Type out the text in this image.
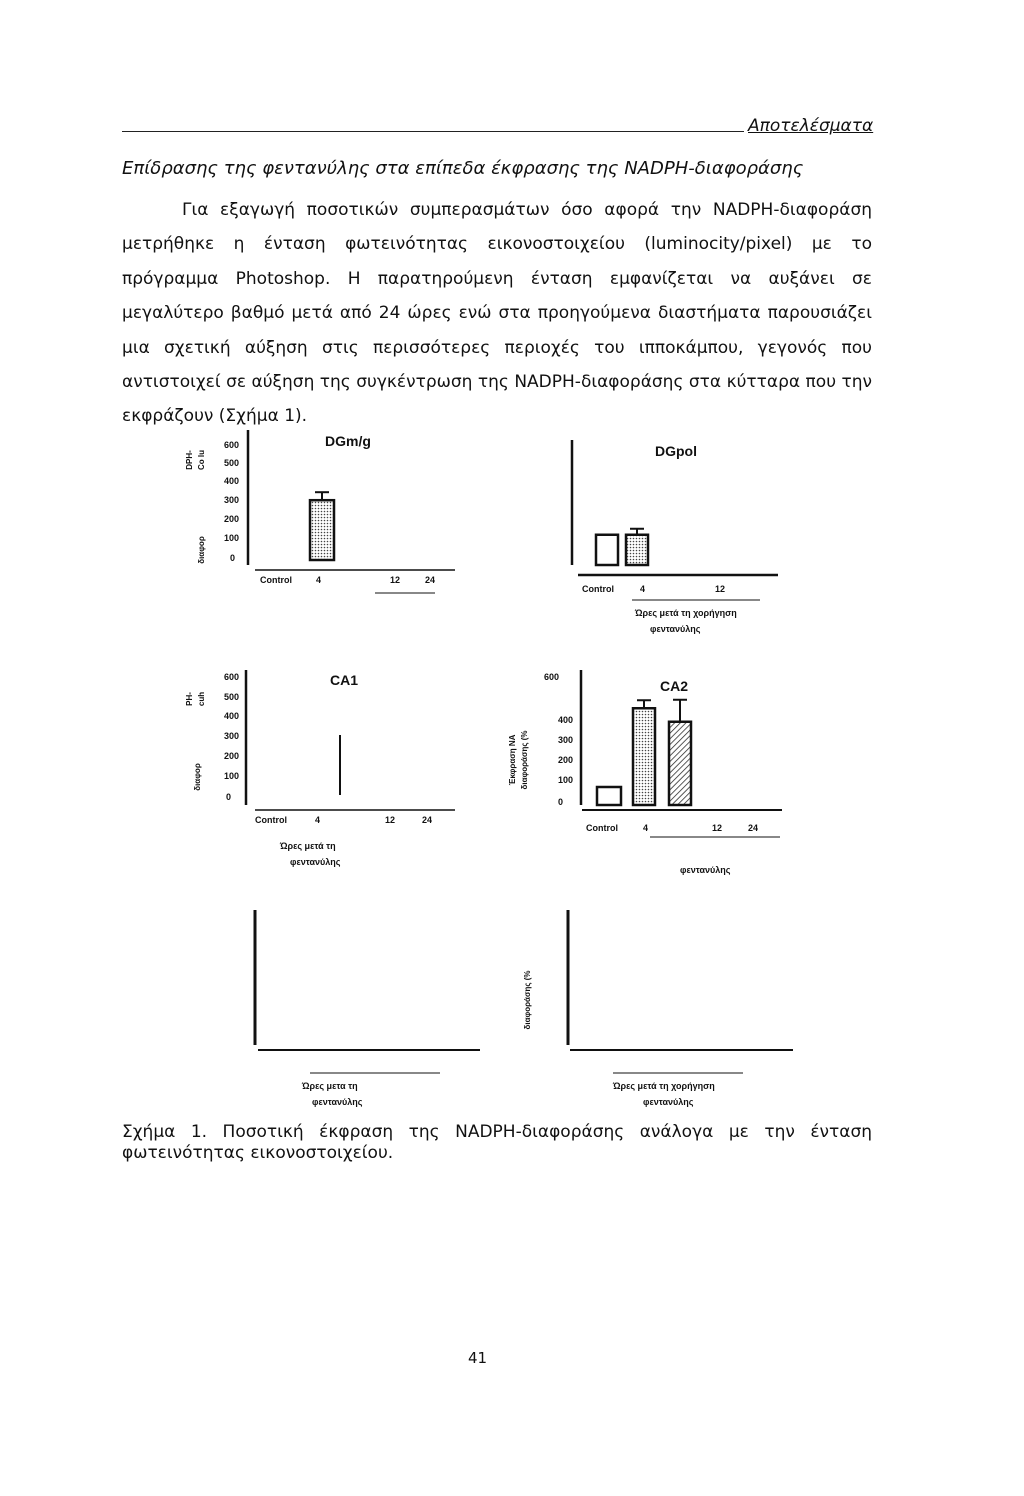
Αποτελέσματα
Επίδρασης της φεντανύλης στα επίπεδα έκφρασης της NADPH-διαφοράσης

Για εξαγωγή ποσοτικών συμπερασμάτων όσο αφορά την NADPH-διαφοράση μετρήθηκε η ένταση φωτεινότητας εικονοστοιχείου (luminocity/pixel) με το πρόγραμμα Photoshop. Η παρατηρούμενη ένταση εμφανίζεται να αυξάνει σε μεγαλύτερο βαθμό μετά από 24 ώρες ενώ στα προηγούμενα διαστήματα παρουσιάζει μια σχετική αύξηση στις περισσότερες περιοχές του ιπποκάμπου, γεγονός που αντιστοιχεί σε αύξηση της συγκέντρωση της NADPH-διαφοράσης στα κύτταρα που την εκφράζουν (Σχήμα 1).

DPH- Co lu
διαφορ
600
500
400
300
200
100
0
DGm/g
Control	4	12	24
DGpol
Control	4	12
Ώρες μετά τη χορήγηση
φεντανύλης
PH- cuh
διαφορ
600
500
400
300
200
100
0
CA1
Control	4	12	24
Ώρες μετά τη
φεντανύλης
Έκφραση ΝΑ διαφοράσης (%
600
400
300
200
100
0
CA2
Control	4	12	24
φεντανύλης
Ώρες μετα τη
φεντανύλης
διαφοράσης (%
Ώρες μετά τη χορήγηση
φεντανύλης
Σχήμα 1. Ποσοτική έκφραση της NADPH-διαφοράσης ανάλογα με την ένταση φωτεινότητας εικονοστοιχείου.
41
